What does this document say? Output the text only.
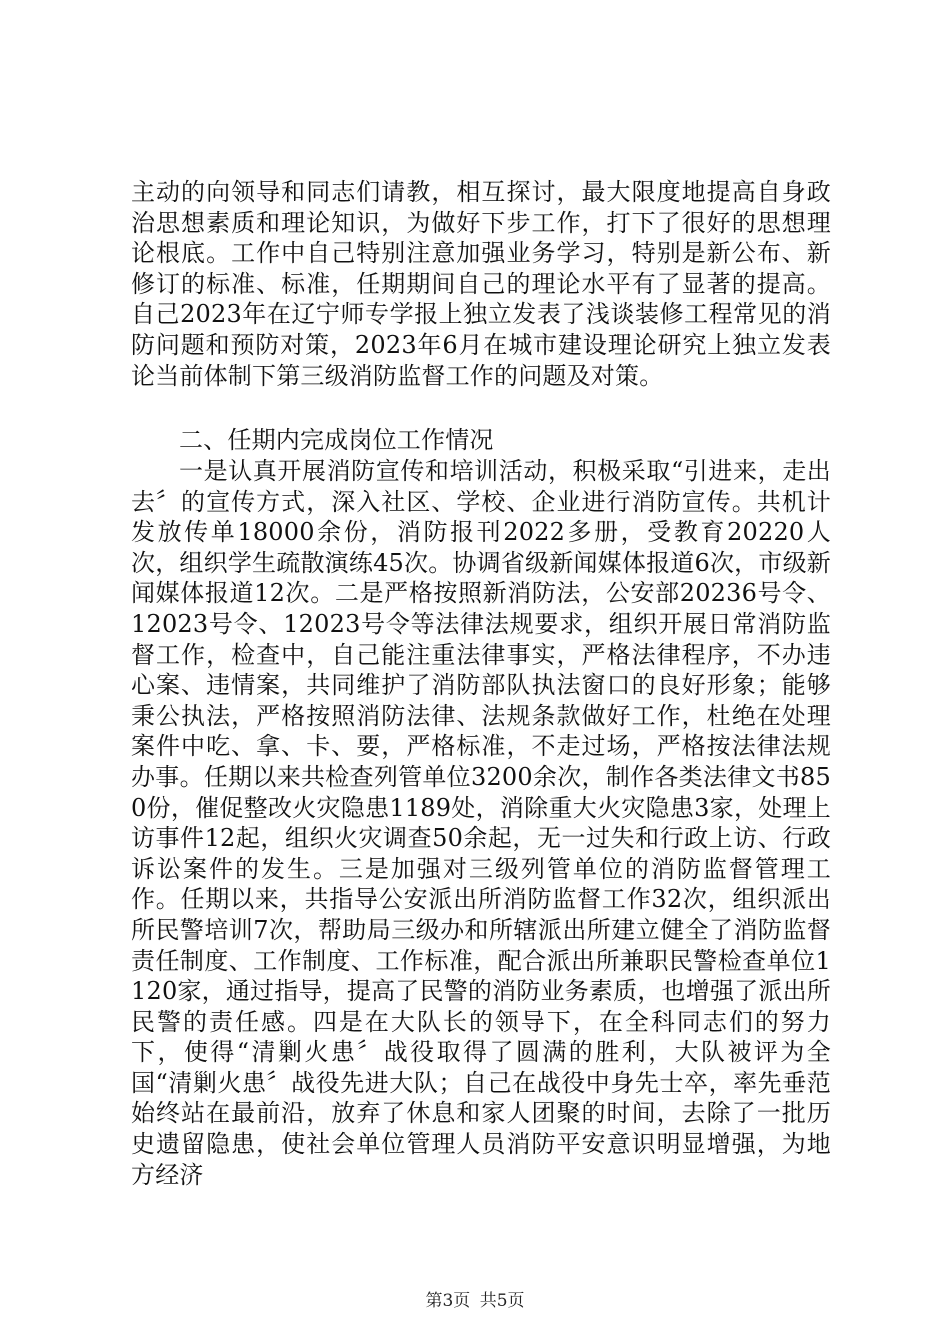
主动的向领导和同志们请教，相互探讨，最大限度地提高自身政治思想素质和理论知识，为做好下步工作，打下了很好的思想理论根底。工作中自己特别注意加强业务学习，特别是新公布、新修订的标准、标准，任期期间自己的理论水平有了显著的提高。自己2023年在辽宁师专学报上独立发表了浅谈装修工程常见的消防问题和预防对策，2023年6月在城市建设理论研究上独立发表论当前体制下第三级消防监督工作的问题及对策。

二、任期内完成岗位工作情况

一是认真开展消防宣传和培训活动，积极采取“引进来，走出去〞的宣传方式，深入社区、学校、企业进行消防宣传。共机计发放传单18000余份，消防报刊2022多册，受教育20220人次，组织学生疏散演练45次。协调省级新闻媒体报道6次，市级新闻媒体报道12次。二是严格按照新消防法，公安部20236号令、12023号令、12023号令等法律法规要求，组织开展日常消防监督工作，检查中，自己能注重法律事实，严格法律程序，不办违心案、违情案，共同维护了消防部队执法窗口的良好形象；能够秉公执法，严格按照消防法律、法规条款做好工作，杜绝在处理案件中吃、拿、卡、要，严格标准，不走过场，严格按法律法规办事。任期以来共检查列管单位3200余次，制作各类法律文书850份，催促整改火灾隐患1189处，消除重大火灾隐患3家，处理上访事件12起，组织火灾调查50余起，无一过失和行政上访、行政诉讼案件的发生。三是加强对三级列管单位的消防监督管理工作。任期以来，共指导公安派出所消防监督工作32次，组织派出所民警培训7次，帮助局三级办和所辖派出所建立健全了消防监督责任制度、工作制度、工作标准，配合派出所兼职民警检查单位1120家，通过指导，提高了民警的消防业务素质，也增强了派出所民警的责任感。四是在大队长的领导下，在全科同志们的努力下，使得“清剿火患〞战役取得了圆满的胜利，大队被评为全国“清剿火患〞战役先进大队；自己在战役中身先士卒，率先垂范始终站在最前沿，放弃了休息和家人团聚的时间，去除了一批历史遗留隐患，使社会单位管理人员消防平安意识明显增强，为地方经济

第3页 共5页
